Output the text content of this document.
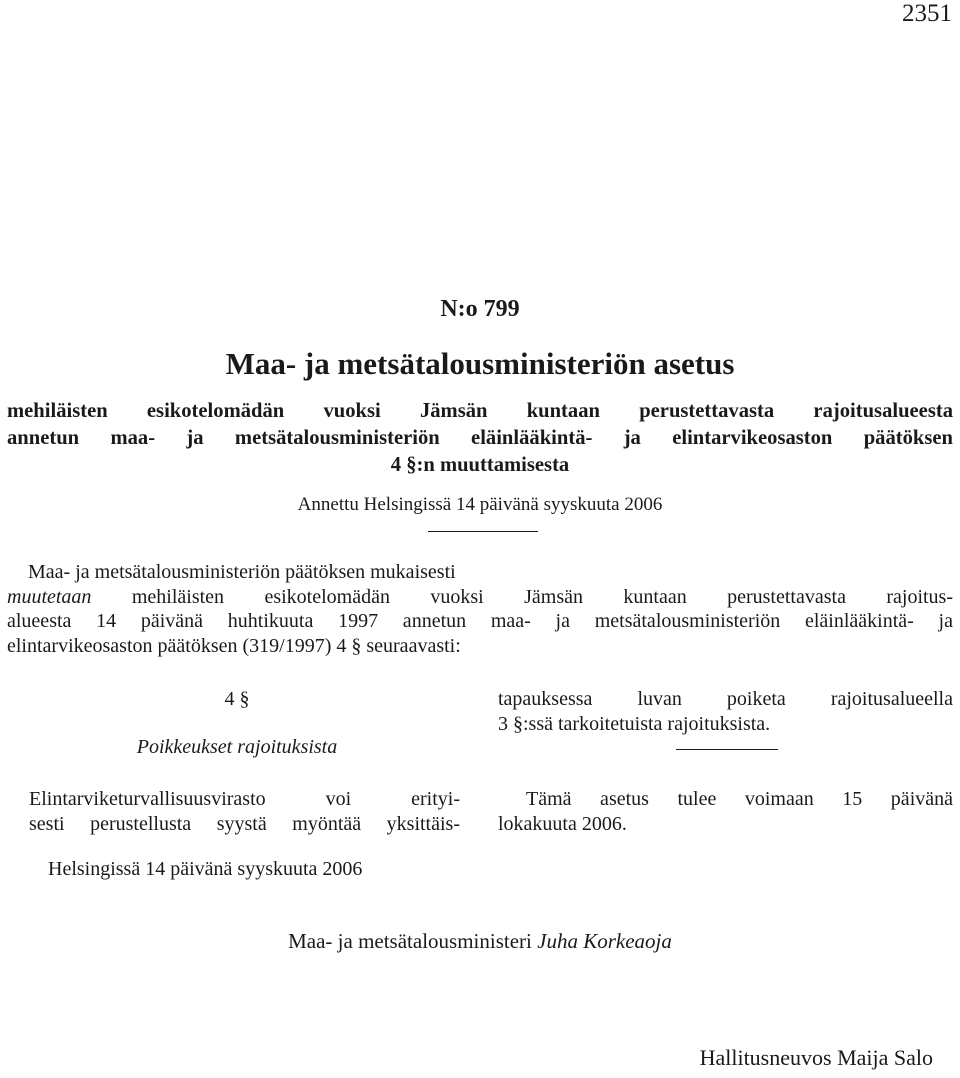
2351
N:o 799
Maa- ja metsätalousministeriön asetus
mehiläisten esikotelomädän vuoksi Jämsän kuntaan perustettavasta rajoitusalueesta
annetun maa- ja metsätalousministeriön eläinlääkintä- ja elintarvikeosaston päätöksen
4 §:n muuttamisesta
Annettu Helsingissä 14 päivänä syyskuuta 2006
Maa- ja metsätalousministeriön päätöksen mukaisesti
muutetaan mehiläisten esikotelomädän vuoksi Jämsän kuntaan perustettavasta rajoitus-
alueesta 14 päivänä huhtikuuta 1997 annetun maa- ja metsätalousministeriön eläinlääkintä- ja
elintarvikeosaston päätöksen (319/1997) 4 § seuraavasti:
4 §
Poikkeukset rajoituksista
Elintarviketurvallisuusvirasto voi erityi-
sesti perustellusta syystä myöntää yksittäis-
tapauksessa luvan poiketa rajoitusalueella
3 §:ssä tarkoitetuista rajoituksista.
Tämä asetus tulee voimaan 15 päivänä
lokakuuta 2006.
Helsingissä 14 päivänä syyskuuta 2006
Maa- ja metsätalousministeri Juha Korkeaoja
Hallitusneuvos Maija Salo
